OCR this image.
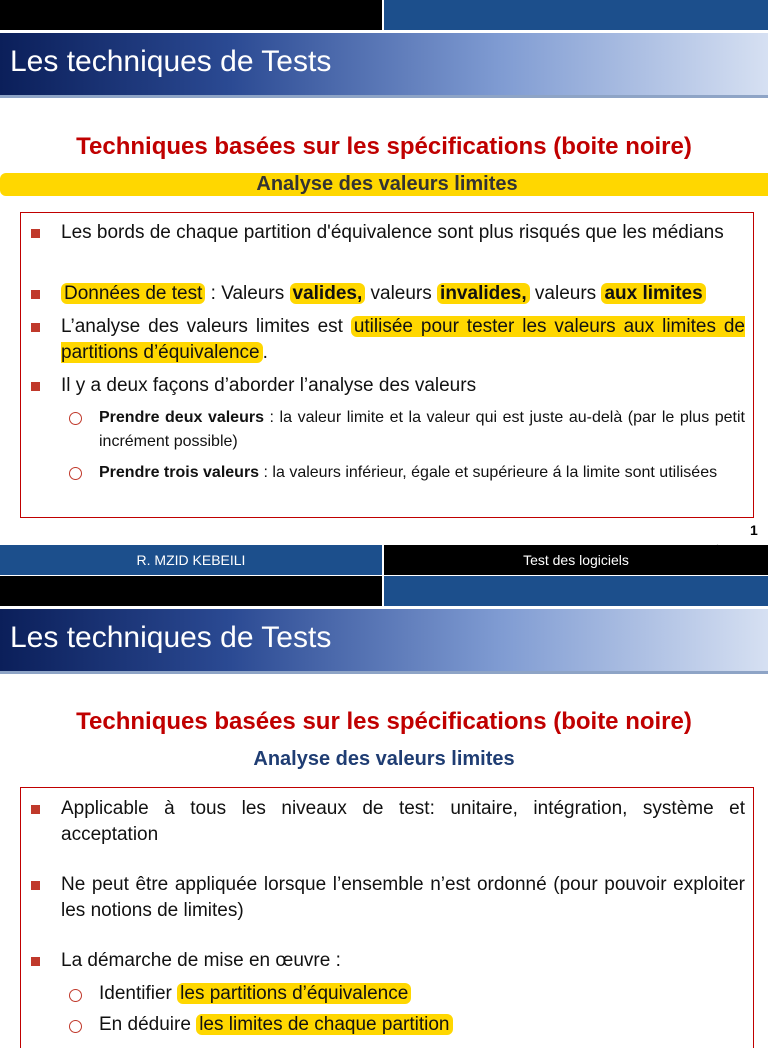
Les techniques de Tests
Techniques basées sur les spécifications (boite noire)
Analyse des valeurs limites
Les bords de chaque partition d'équivalence sont plus risqués que les médians
Données de test : Valeurs valides, valeurs invalides, valeurs aux limites
L’analyse des valeurs limites est utilisée pour tester les valeurs aux limites de partitions d’équivalence .
Il y a deux façons d’aborder l’analyse des valeurs
Prendre deux valeurs : la valeur limite et la valeur qui est juste au-delà (par le plus petit incrément possible)
Prendre trois valeurs : la valeurs inférieur, égale et supérieure á la limite sont utilisées
1
R. MZID KEBEILI	Test des logiciels
Les techniques de Tests
Techniques basées sur les spécifications (boite noire)
Analyse des valeurs limites
Applicable à tous les niveaux de test: unitaire, intégration, système et acceptation
Ne peut être appliquée lorsque l’ensemble n’est ordonné (pour pouvoir exploiter les notions de limites)
La démarche de mise en œuvre :
Identifier les partitions d’équivalence
En déduire les limites de chaque partition
